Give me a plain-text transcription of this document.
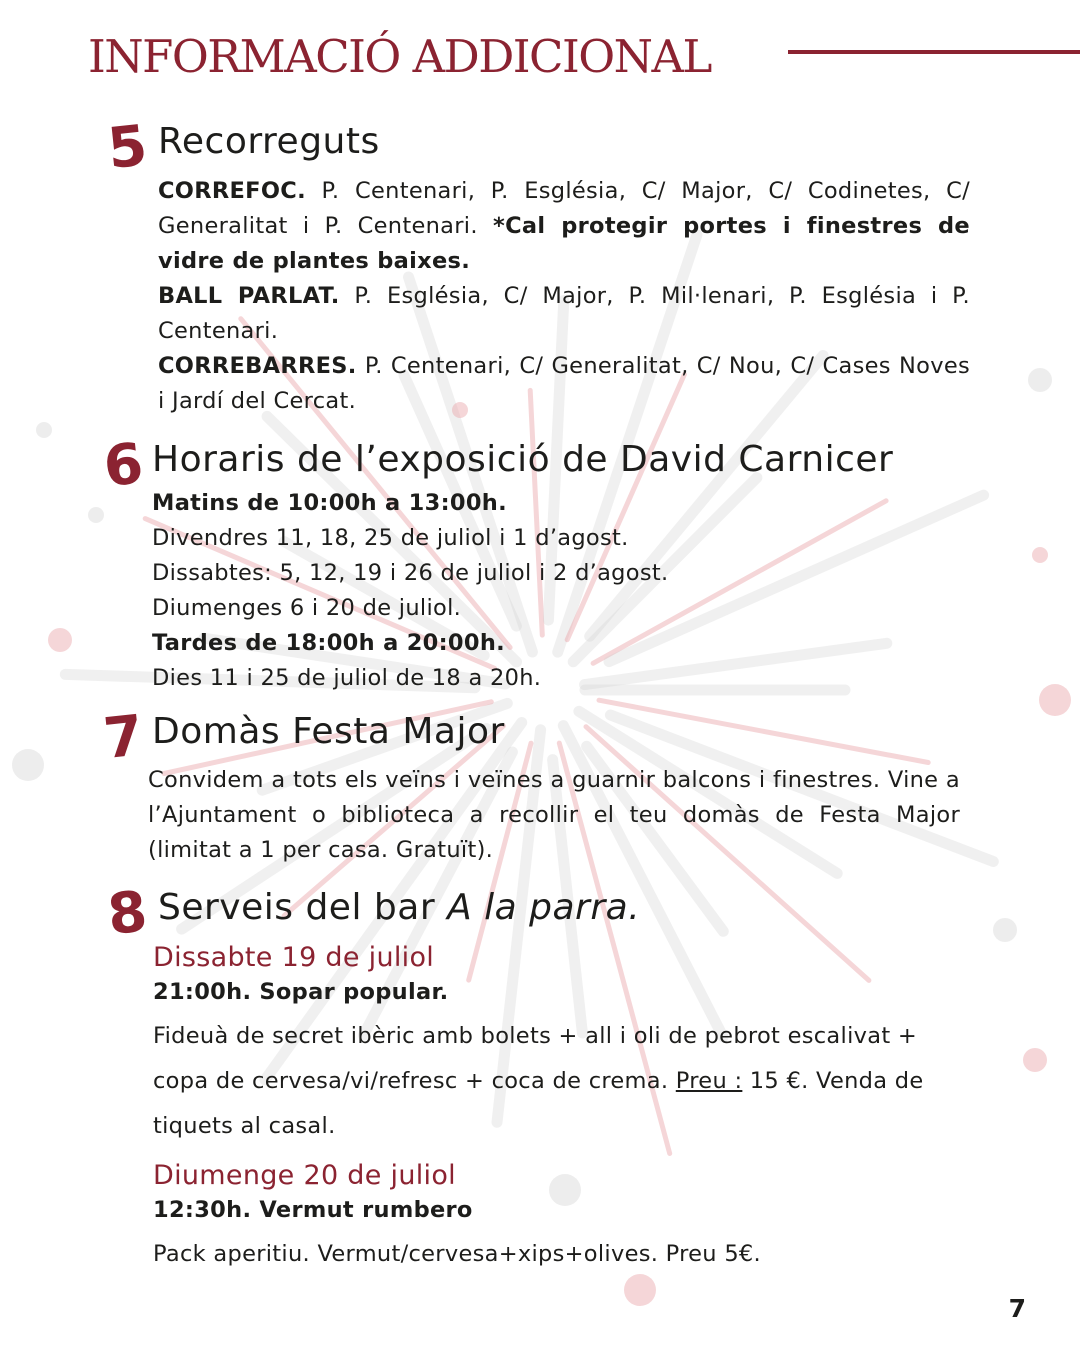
INFORMACIÓ ADDICIONAL
5 Recorreguts

CORREFOC. P. Centenari, P. Església, C/ Major, C/ Codinetes, C/ Generalitat i P. Centenari. *Cal protegir portes i finestres de vidre de plantes baixes.

BALL PARLAT. P. Església, C/ Major, P. Mil·lenari, P. Església i P. Centenari.

CORREBARRES. P. Centenari, C/ Generalitat, C/ Nou, C/ Cases Noves i Jardí del Cercat.

6 Horaris de l’exposició de David Carnicer

Matins de 10:00h a 13:00h.

Divendres 11, 18, 25 de juliol i 1 d’agost.

Dissabtes: 5, 12, 19 i 26 de juliol i 2 d’agost.

Diumenges 6 i 20 de juliol.

Tardes de 18:00h a 20:00h.

Dies 11 i 25 de juliol de 18 a 20h.

7 Domàs Festa Major

Convidem a tots els veïns i veïnes a guarnir balcons i finestres. Vine a l’Ajuntament o biblioteca a recollir el teu domàs de Festa Major (limitat a 1 per casa. Gratuït).

8 Serveis del bar A la parra.

Dissabte 19 de juliol

21:00h. Sopar popular.

Fideuà de secret ibèric amb bolets + all i oli de pebrot escalivat + copa de cervesa/vi/refresc + coca de crema. Preu : 15 €. Venda de tiquets al casal.

Diumenge 20 de juliol

12:30h. Vermut rumbero

Pack aperitiu. Vermut/cervesa+xips+olives. Preu 5€.

7
